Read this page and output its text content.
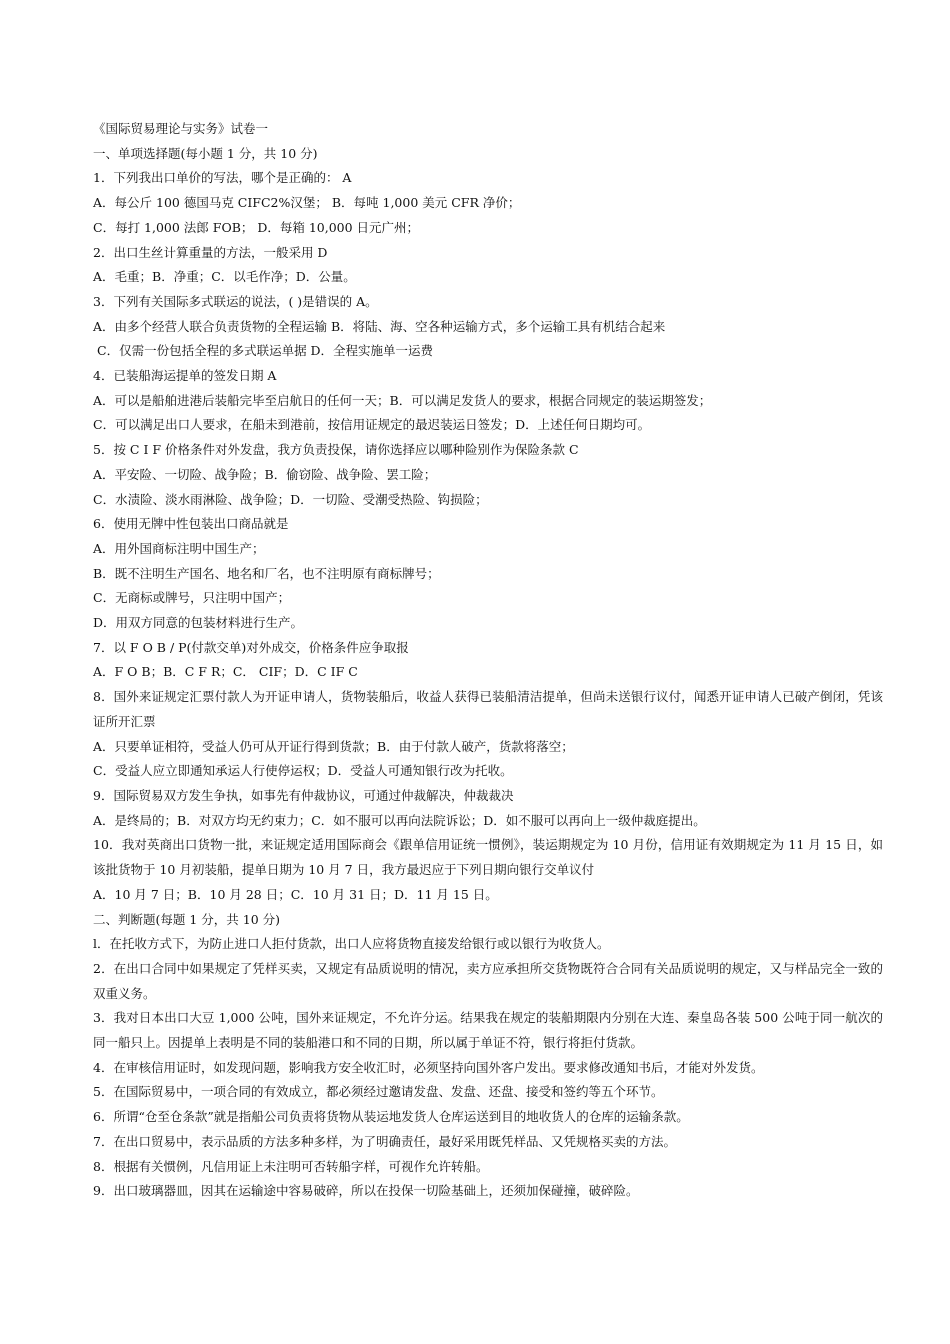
《国际贸易理论与实务》试卷一
一、单项选择题(每小题 1 分，共 10 分)
1．下列我出口单价的写法，哪个是正确的： A
A．每公斤 100 德国马克 CIFC2%汉堡； B．每吨 1,000 美元 CFR 净价；
C．每打 1,000 法郎 FOB； D．每箱 10,000 日元广州；
2．出口生丝计算重量的方法，一般采用 D
A．毛重；B．净重；C．以毛作净；D．公量。
3．下列有关国际多式联运的说法，( )是错误的 A。
A．由多个经营人联合负责货物的全程运输 B．将陆、海、空各种运输方式，多个运输工具有机结合起来
C．仅需一份包括全程的多式联运单据 D．全程实施单一运费
4．已装船海运提单的签发日期 A
A．可以是船舶进港后装船完毕至启航日的任何一天；B．可以满足发货人的要求，根据合同规定的装运期签发；
C．可以满足出口人要求，在船未到港前，按信用证规定的最迟装运日签发；D．上述任何日期均可。
5．按 C I F 价格条件对外发盘，我方负责投保，请你选择应以哪种险别作为保险条款 C
A．平安险、一切险、战争险；B．偷窃险、战争险、罢工险；
C．水渍险、淡水雨淋险、战争险；D．一切险、受潮受热险、钩损险；
6．使用无牌中性包装出口商品就是
A．用外国商标注明中国生产；
B．既不注明生产国名、地名和厂名，也不注明原有商标牌号；
C．无商标或牌号，只注明中国产；
D．用双方同意的包装材料进行生产。
7．以 F O B / P(付款交单)对外成交，价格条件应争取报
A．F O B；B．C F R；C． CIF；D．C IF C
8．国外来证规定汇票付款人为开证申请人，货物装船后，收益人获得已装船清洁提单，但尚未送银行议付，闻悉开证申请人已破产倒闭，凭该证所开汇票
A．只要单证相符，受益人仍可从开证行得到货款；B．由于付款人破产，货款将落空；
C．受益人应立即通知承运人行使停运权；D．受益人可通知银行改为托收。
9．国际贸易双方发生争执，如事先有仲裁协议，可通过仲裁解决，仲裁裁决
A．是终局的；B．对双方均无约束力；C．如不服可以再向法院诉讼；D．如不服可以再向上一级仲裁庭提出。
10．我对英商出口货物一批，来证规定适用国际商会《跟单信用证统一惯例》，装运期规定为 10 月份，信用证有效期规定为 11 月 15 日，如该批货物于 10 月初装船，提单日期为 10 月 7 日，我方最迟应于下列日期向银行交单议付
A．10 月 7 日；B．10 月 28 日；C．10 月 31 日；D．11 月 15 日。
二、判断题(每题 1 分，共 10 分)
l．在托收方式下，为防止进口人拒付货款，出口人应将货物直接发给银行或以银行为收货人。
2．在出口合同中如果规定了凭样买卖，又规定有品质说明的情况，卖方应承担所交货物既符合合同有关品质说明的规定，又与样品完全一致的双重义务。
3．我对日本出口大豆 1,000 公吨，国外来证规定，不允许分运。结果我在规定的装船期限内分别在大连、秦皇岛各装 500 公吨于同一航次的同一船只上。因提单上表明是不同的装船港口和不同的日期，所以属于单证不符，银行将拒付货款。
4．在审核信用证时，如发现问题，影响我方安全收汇时，必须坚持向国外客户发出。要求修改通知书后，才能对外发货。
5．在国际贸易中，一项合同的有效成立，都必须经过邀请发盘、发盘、还盘、接受和签约等五个环节。
6．所谓“仓至仓条款”就是指船公司负责将货物从装运地发货人仓库运送到目的地收货人的仓库的运输条款。
7．在出口贸易中，表示品质的方法多种多样，为了明确责任，最好采用既凭样品、又凭规格买卖的方法。
8．根据有关惯例，凡信用证上未注明可否转船字样，可视作允许转船。
9．出口玻璃器皿，因其在运输途中容易破碎，所以在投保一切险基础上，还须加保碰撞，破碎险。
